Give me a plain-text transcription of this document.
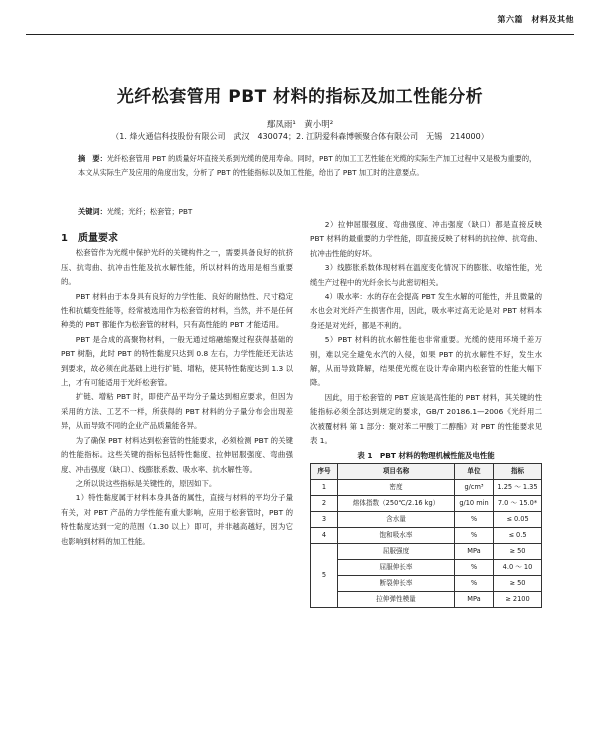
第六篇　材料及其他
光纤松套管用 PBT 材料的指标及加工性能分析
鄢凤雨¹　黄小明²
（1. 烽火通信科技股份有限公司　武汉　430074；2. 江阴爱科森博顿聚合体有限公司　无锡　214000）
摘　要：光纤松套管用 PBT 的质量好坏直接关系到光缆的使用寿命。同时，PBT 的加工工艺性能在光缆的实际生产加工过程中又是极为重要的，本文从实际生产及应用的角度出发，分析了 PBT 的性能指标以及加工性能，给出了 PBT 加工时的注意要点。
关键词：光缆；光纤；松套管；PBT

1　质量要求

松套管作为光缆中保护光纤的关键构件之一，需要具备良好的抗挤压、抗弯曲、抗冲击性能及抗水解性能，所以材料的选用是相当重要的。

PBT 材料由于本身具有良好的力学性能、良好的耐热性、尺寸稳定性和抗蠕变性能等，经常被选用作为松套管的材料，当然，并不是任何种类的 PBT 都能作为松套管的材料，只有高性能的 PBT 才能适用。

PBT 是合成的高聚物材料，一般无通过熔融缩聚过程获得基础的 PBT 树脂，此时 PBT 的特性黏度只达到 0.8 左右，力学性能还无法达到要求，故必须在此基础上进行扩链、增粘，使其特性黏度达到 1.3 以上，才有可能适用于光纤松套管。

扩链、增粘 PBT 时，即使产品平均分子量达到相应要求，但因为采用的方法、工艺不一样，所获得的 PBT 材料的分子量分布会出现差异，从而导致不同的企业产品质量能各异。

为了确保 PBT 材料达到松套管的性能要求，必须检测 PBT 的关键的性能指标。这些关键的指标包括特性黏度、拉伸屈服强度、弯曲强度、冲击强度（缺口）、线膨胀系数、吸水率、抗水解性等。

之所以说这些指标是关键性的，原因如下。

1）特性黏度属于材料本身具备的属性，直接与材料的平均分子量有关，对 PBT 产品的力学性能有重大影响，应用于松套管时，PBT 的特性黏度达到一定的范围（1.30 以上）即可，并非越高越好，因为它也影响到材料的加工性能。

2）拉伸屈服强度、弯曲强度、冲击强度（缺口）都是直接反映 PBT 材料的最重要的力学性能，即直接反映了材料的抗拉伸、抗弯曲、抗冲击性能的好坏。

3）线膨胀系数体现材料在温度变化情况下的膨胀、收缩性能，光缆生产过程中的光纤余长与此密切相关。

4）吸水率：水的存在会提高 PBT 发生水解的可能性，并且微量的水也会对光纤产生损害作用，因此，吸水率过高无论是对 PBT 材料本身还是对光纤，都是不利的。

5）PBT 材料的抗水解性能也非常重要。光缆的使用环境千差万别，难以完全避免水汽的入侵，如果 PBT 的抗水解性不好，发生水解，从而导致降解，结果使光缆在设计寿命期内松套管的性能大幅下降。

因此，用于松套管的 PBT 应该是高性能的 PBT 材料，其关键的性能指标必须全部达到规定的要求，GB/T 20186.1—2006《光纤用二次被覆材料 第 1 部分：聚对苯二甲酸丁二醇酯》对 PBT 的性能要求见表 1。

表 1　PBT 材料的物理机械性能及电性能

序号	项目名称	单位	指标
1	密度	g/cm³	1.25 ～ 1.35
2	熔体指数（250℃/2.16 kg）	g/10 min	7.0 ～ 15.0*
3	含水量	%	≤ 0.05
4	饱和吸水率	%	≤ 0.5
5	屈服强度	MPa	≥ 50
	屈服伸长率	%	4.0 ～ 10
	断裂伸长率	%	≥ 50
	拉伸弹性模量	MPa	≥ 2100
